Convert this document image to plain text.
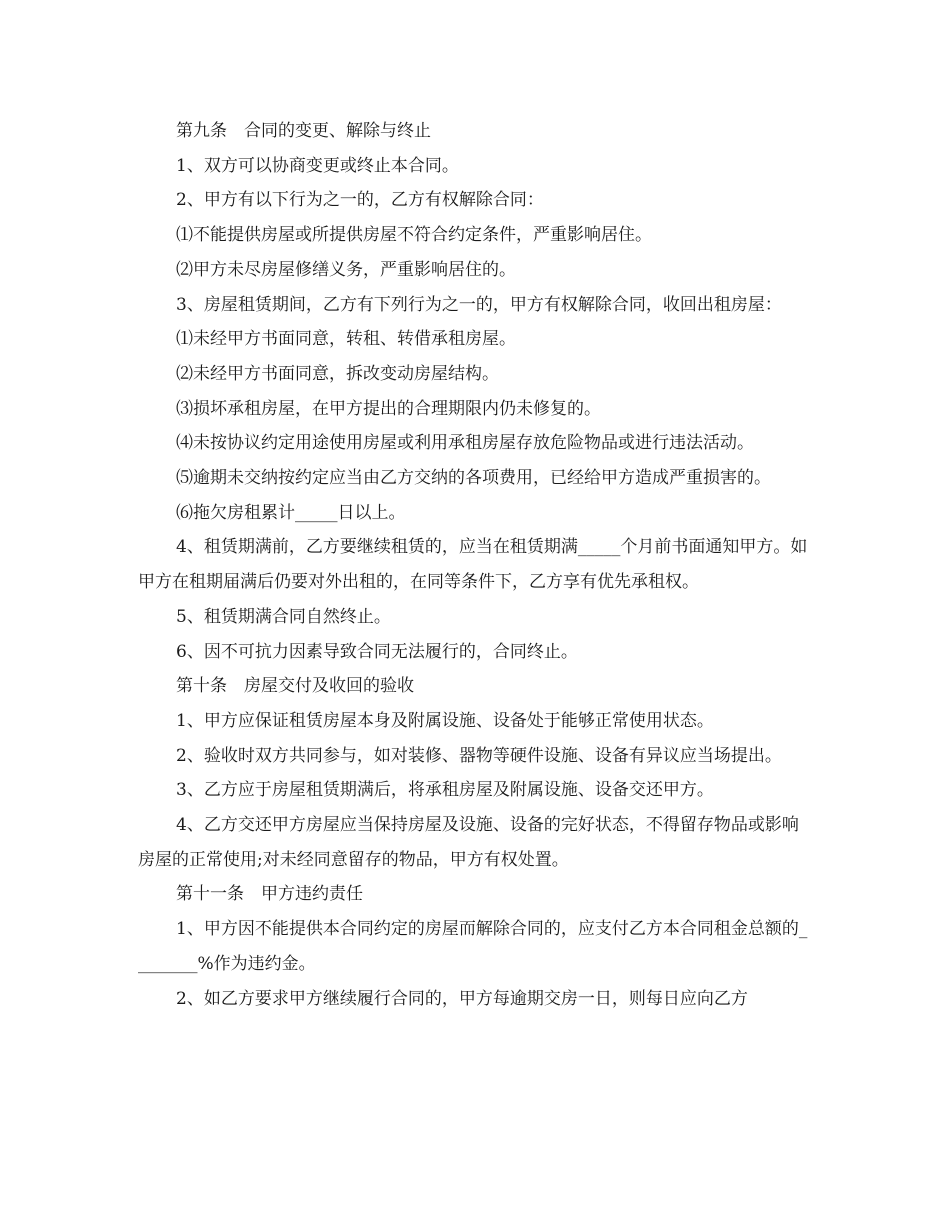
第九条　合同的变更、解除与终止

1、双方可以协商变更或终止本合同。

2、甲方有以下行为之一的，乙方有权解除合同：

⑴不能提供房屋或所提供房屋不符合约定条件，严重影响居住。

⑵甲方未尽房屋修缮义务，严重影响居住的。

3、房屋租赁期间，乙方有下列行为之一的，甲方有权解除合同，收回出租房屋：

⑴未经甲方书面同意，转租、转借承租房屋。

⑵未经甲方书面同意，拆改变动房屋结构。

⑶损坏承租房屋，在甲方提出的合理期限内仍未修复的。

⑷未按协议约定用途使用房屋或利用承租房屋存放危险物品或进行违法活动。

⑸逾期未交纳按约定应当由乙方交纳的各项费用，已经给甲方造成严重损害的。

⑹拖欠房租累计_____日以上。

4、租赁期满前，乙方要继续租赁的，应当在租赁期满_____个月前书面通知甲方。如甲方在租期届满后仍要对外出租的，在同等条件下，乙方享有优先承租权。

5、租赁期满合同自然终止。

6、因不可抗力因素导致合同无法履行的，合同终止。

第十条　房屋交付及收回的验收

1、甲方应保证租赁房屋本身及附属设施、设备处于能够正常使用状态。

2、验收时双方共同参与，如对装修、器物等硬件设施、设备有异议应当场提出。

3、乙方应于房屋租赁期满后，将承租房屋及附属设施、设备交还甲方。

4、乙方交还甲方房屋应当保持房屋及设施、设备的完好状态，不得留存物品或影响房屋的正常使用;对未经同意留存的物品，甲方有权处置。

第十一条　甲方违约责任

1、甲方因不能提供本合同约定的房屋而解除合同的，应支付乙方本合同租金总额的________%作为违约金。

2、如乙方要求甲方继续履行合同的，甲方每逾期交房一日，则每日应向乙方
